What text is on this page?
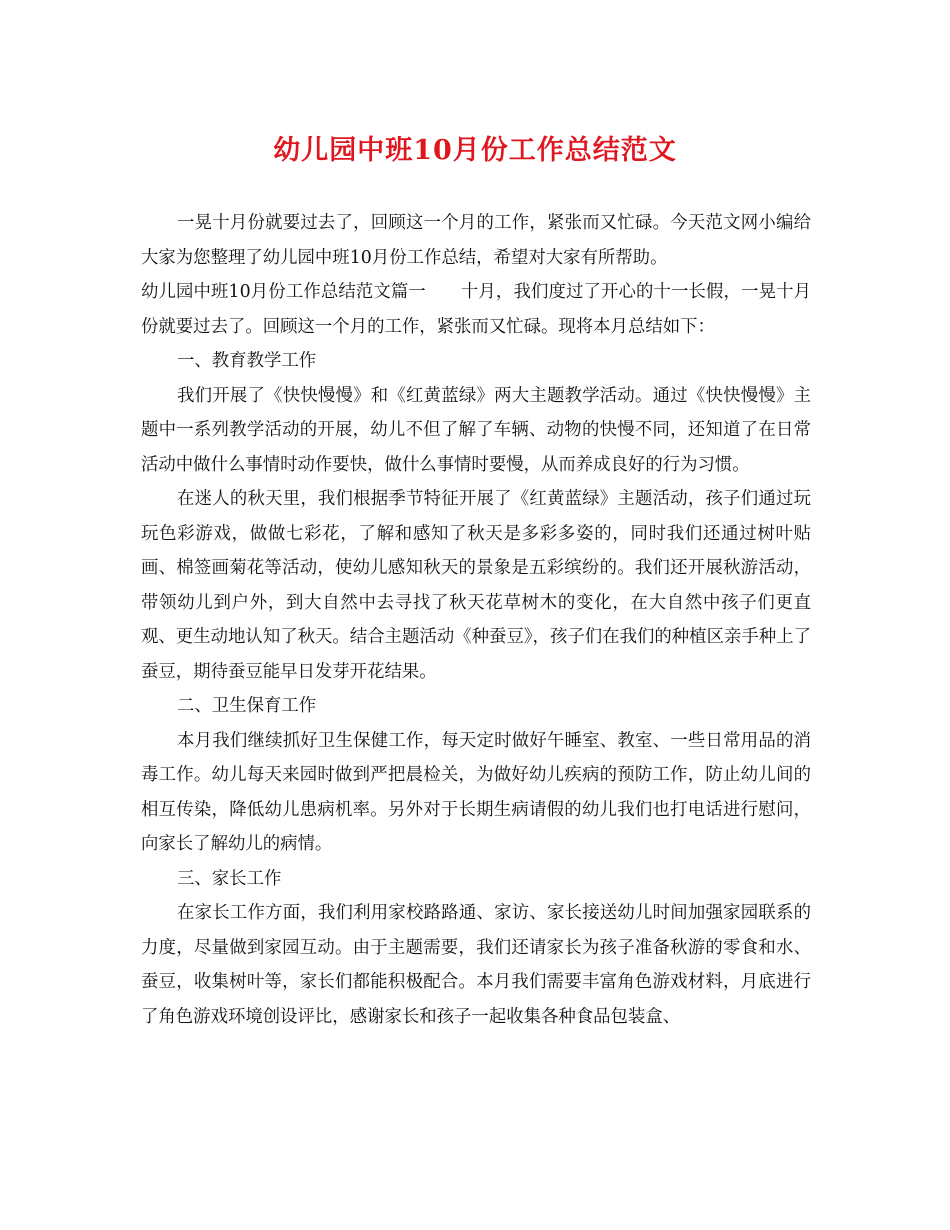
幼儿园中班10月份工作总结范文

一晃十月份就要过去了，回顾这一个月的工作，紧张而又忙碌。今天范文网小编给大家为您整理了幼儿园中班10月份工作总结，希望对大家有所帮助。

幼儿园中班10月份工作总结范文篇一　　十月，我们度过了开心的十一长假，一晃十月份就要过去了。回顾这一个月的工作，紧张而又忙碌。现将本月总结如下：

一、教育教学工作

我们开展了《快快慢慢》和《红黄蓝绿》两大主题教学活动。通过《快快慢慢》主题中一系列教学活动的开展，幼儿不但了解了车辆、动物的快慢不同，还知道了在日常活动中做什么事情时动作要快，做什么事情时要慢，从而养成良好的行为习惯。

在迷人的秋天里，我们根据季节特征开展了《红黄蓝绿》主题活动，孩子们通过玩玩色彩游戏，做做七彩花，了解和感知了秋天是多彩多姿的，同时我们还通过树叶贴画、棉签画菊花等活动，使幼儿感知秋天的景象是五彩缤纷的。我们还开展秋游活动，带领幼儿到户外，到大自然中去寻找了秋天花草树木的变化，在大自然中孩子们更直观、更生动地认知了秋天。结合主题活动《种蚕豆》，孩子们在我们的种植区亲手种上了蚕豆，期待蚕豆能早日发芽开花结果。

二、卫生保育工作

本月我们继续抓好卫生保健工作，每天定时做好午睡室、教室、一些日常用品的消毒工作。幼儿每天来园时做到严把晨检关，为做好幼儿疾病的预防工作，防止幼儿间的相互传染，降低幼儿患病机率。另外对于长期生病请假的幼儿我们也打电话进行慰问，向家长了解幼儿的病情。

三、家长工作

在家长工作方面，我们利用家校路路通、家访、家长接送幼儿时间加强家园联系的力度，尽量做到家园互动。由于主题需要，我们还请家长为孩子准备秋游的零食和水、蚕豆，收集树叶等，家长们都能积极配合。本月我们需要丰富角色游戏材料，月底进行了角色游戏环境创设评比，感谢家长和孩子一起收集各种食品包装盒、
